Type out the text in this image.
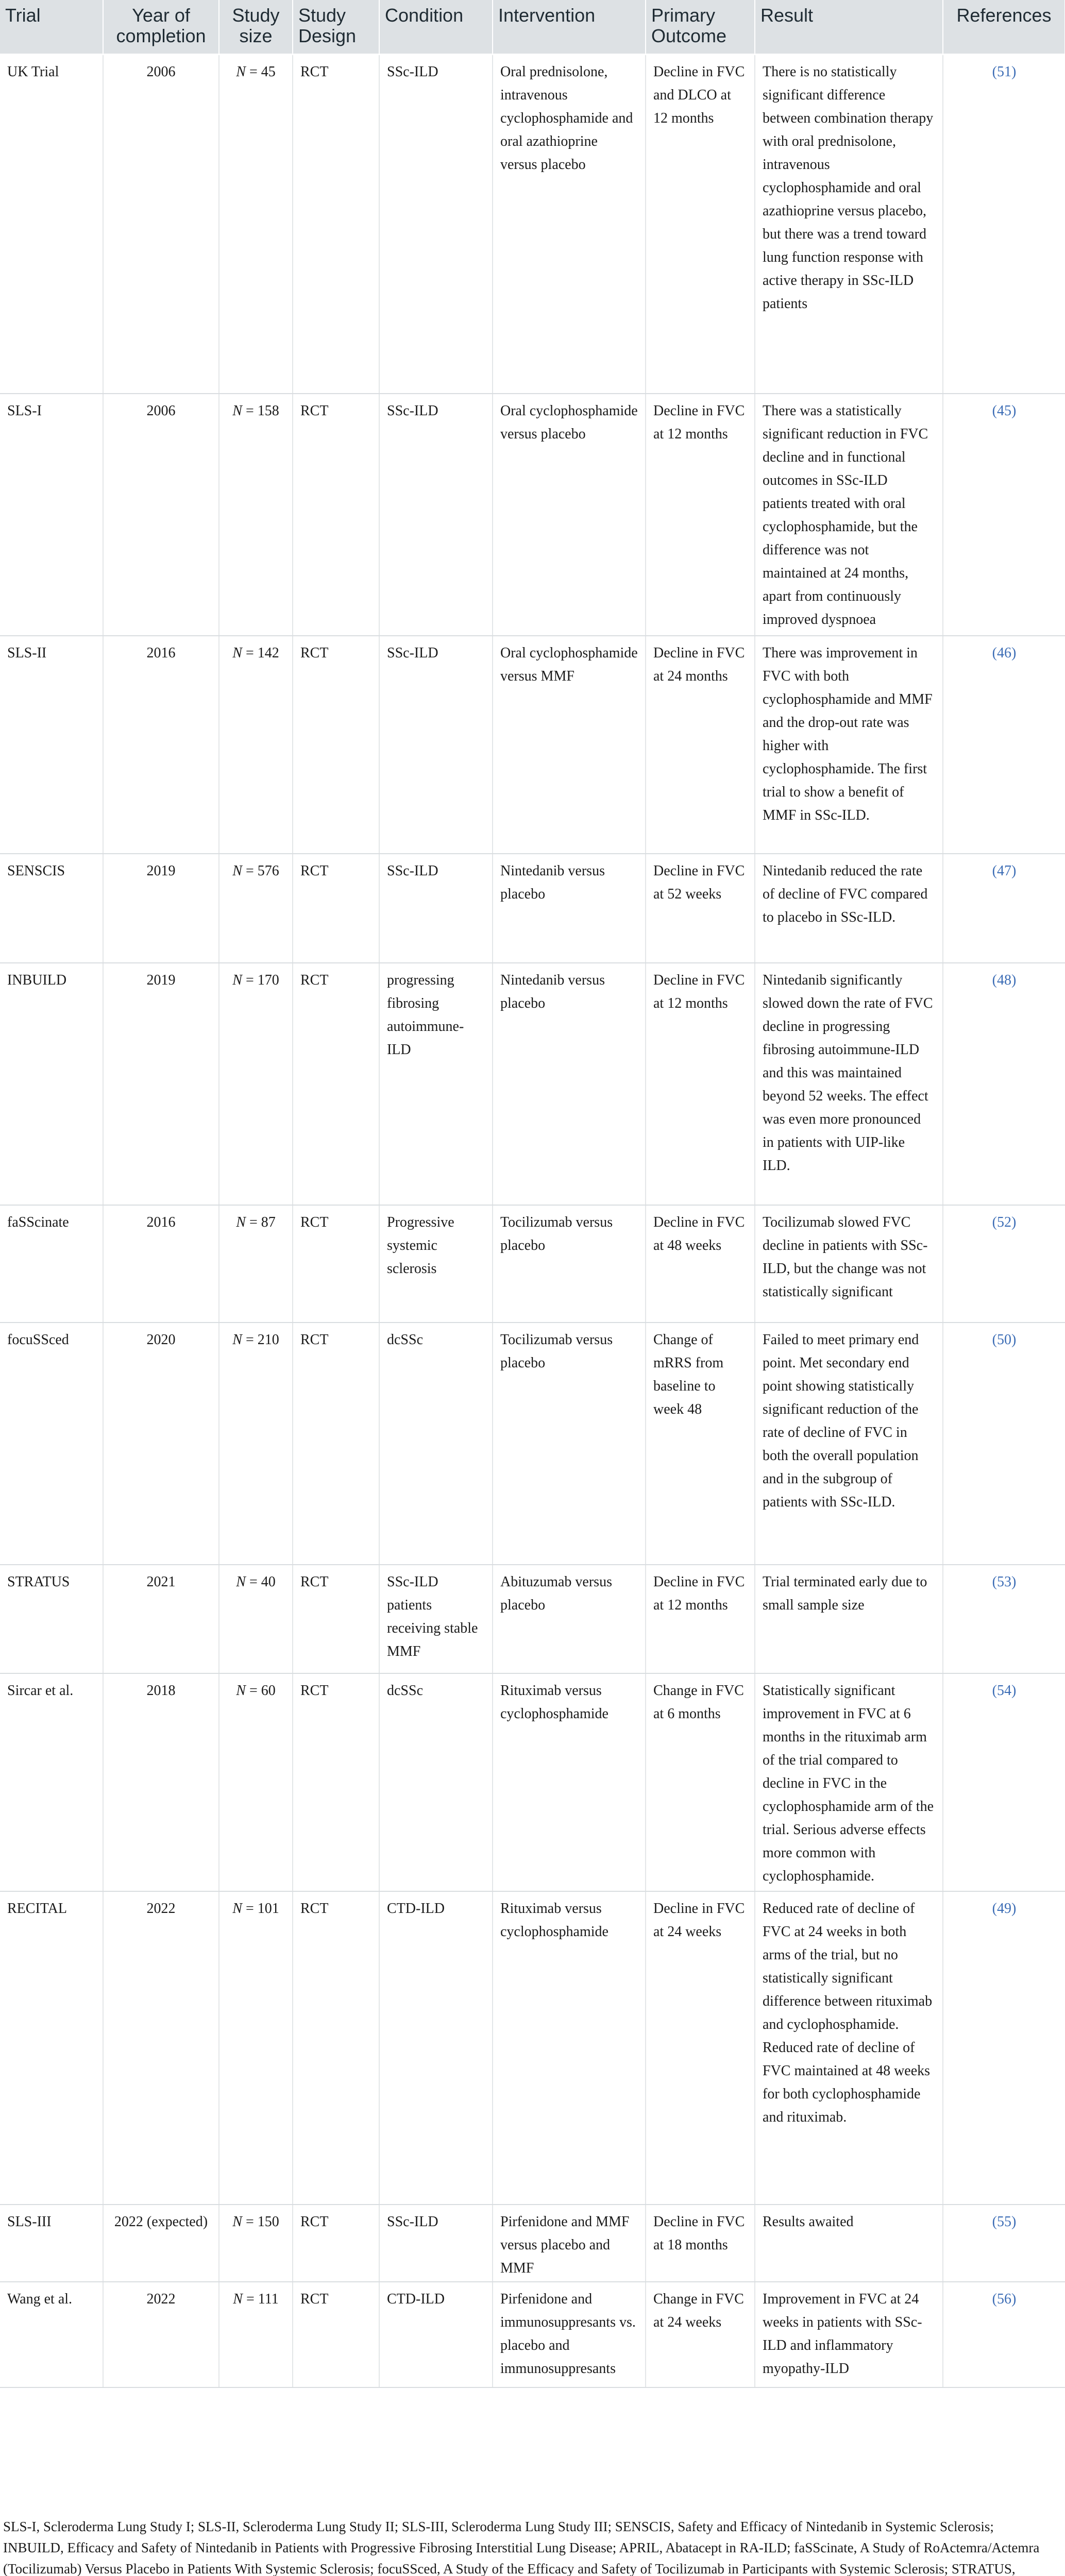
Trial	Year of completion	Study size	Study Design	Condition	Intervention	Primary Outcome	Result	References
UK Trial	2006	N = 45	RCT	SSc-ILD	Oral prednisolone, intravenous cyclophosphamide and oral azathioprine versus placebo	Decline in FVC and DLCO at 12 months	There is no statistically significant difference between combination therapy with oral prednisolone, intravenous cyclophosphamide and oral azathioprine versus placebo, but there was a trend toward lung function response with active therapy in SSc-ILD patients	(51)
SLS-I	2006	N = 158	RCT	SSc-ILD	Oral cyclophosphamide versus placebo	Decline in FVC at 12 months	There was a statistically significant reduction in FVC decline and in functional outcomes in SSc-ILD patients treated with oral cyclophosphamide, but the difference was not maintained at 24 months, apart from continuously improved dyspnoea	(45)
SLS-II	2016	N = 142	RCT	SSc-ILD	Oral cyclophosphamide versus MMF	Decline in FVC at 24 months	There was improvement in FVC with both cyclophosphamide and MMF and the drop-out rate was higher with cyclophosphamide. The first trial to show a benefit of MMF in SSc-ILD.	(46)
SENSCIS	2019	N = 576	RCT	SSc-ILD	Nintedanib versus placebo	Decline in FVC at 52 weeks	Nintedanib reduced the rate of decline of FVC compared to placebo in SSc-ILD.	(47)
INBUILD	2019	N = 170	RCT	progressing fibrosing autoimmune-ILD	Nintedanib versus placebo	Decline in FVC at 12 months	Nintedanib significantly slowed down the rate of FVC decline in progressing fibrosing autoimmune-ILD and this was maintained beyond 52 weeks. The effect was even more pronounced in patients with UIP-like ILD.	(48)
faSScinate	2016	N = 87	RCT	Progressive systemic sclerosis	Tocilizumab versus placebo	Decline in FVC at 48 weeks	Tocilizumab slowed FVC decline in patients with SSc-ILD, but the change was not statistically significant	(52)
focuSSced	2020	N = 210	RCT	dcSSc	Tocilizumab versus placebo	Change of mRRS from baseline to week 48	Failed to meet primary end point. Met secondary end point showing statistically significant reduction of the rate of decline of FVC in both the overall population and in the subgroup of patients with SSc-ILD.	(50)
STRATUS	2021	N = 40	RCT	SSc-ILD patients receiving stable MMF	Abituzumab versus placebo	Decline in FVC at 12 months	Trial terminated early due to small sample size	(53)
Sircar et al.	2018	N = 60	RCT	dcSSc	Rituximab versus cyclophosphamide	Change in FVC at 6 months	Statistically significant improvement in FVC at 6 months in the rituximab arm of the trial compared to decline in FVC in the cyclophosphamide arm of the trial. Serious adverse effects more common with cyclophosphamide.	(54)
RECITAL	2022	N = 101	RCT	CTD-ILD	Rituximab versus cyclophosphamide	Decline in FVC at 24 weeks	Reduced rate of decline of FVC at 24 weeks in both arms of the trial, but no statistically significant difference between rituximab and cyclophosphamide. Reduced rate of decline of FVC maintained at 48 weeks for both cyclophosphamide and rituximab.	(49)
SLS-III	2022 (expected)	N = 150	RCT	SSc-ILD	Pirfenidone and MMF versus placebo and MMF	Decline in FVC at 18 months	Results awaited	(55)
Wang et al.	2022	N = 111	RCT	CTD-ILD	Pirfenidone and immunosuppresants vs. placebo and immunosuppresants	Change in FVC at 24 weeks	Improvement in FVC at 24 weeks in patients with SSc-ILD and inflammatory myopathy-ILD	(56)

SLS-I, Scleroderma Lung Study I; SLS-II, Scleroderma Lung Study II; SLS-III, Scleroderma Lung Study III; SENSCIS, Safety and Efficacy of Nintedanib in Systemic Sclerosis; INBUILD, Efficacy and Safety of Nintedanib in Patients with Progressive Fibrosing Interstitial Lung Disease; APRIL, Abatacept in RA-ILD; faSScinate, A Study of RoActemra/Actemra (Tocilizumab) Versus Placebo in Patients With Systemic Sclerosis; focuSSced, A Study of the Efficacy and Safety of Tocilizumab in Participants with Systemic Sclerosis; STRATUS,
